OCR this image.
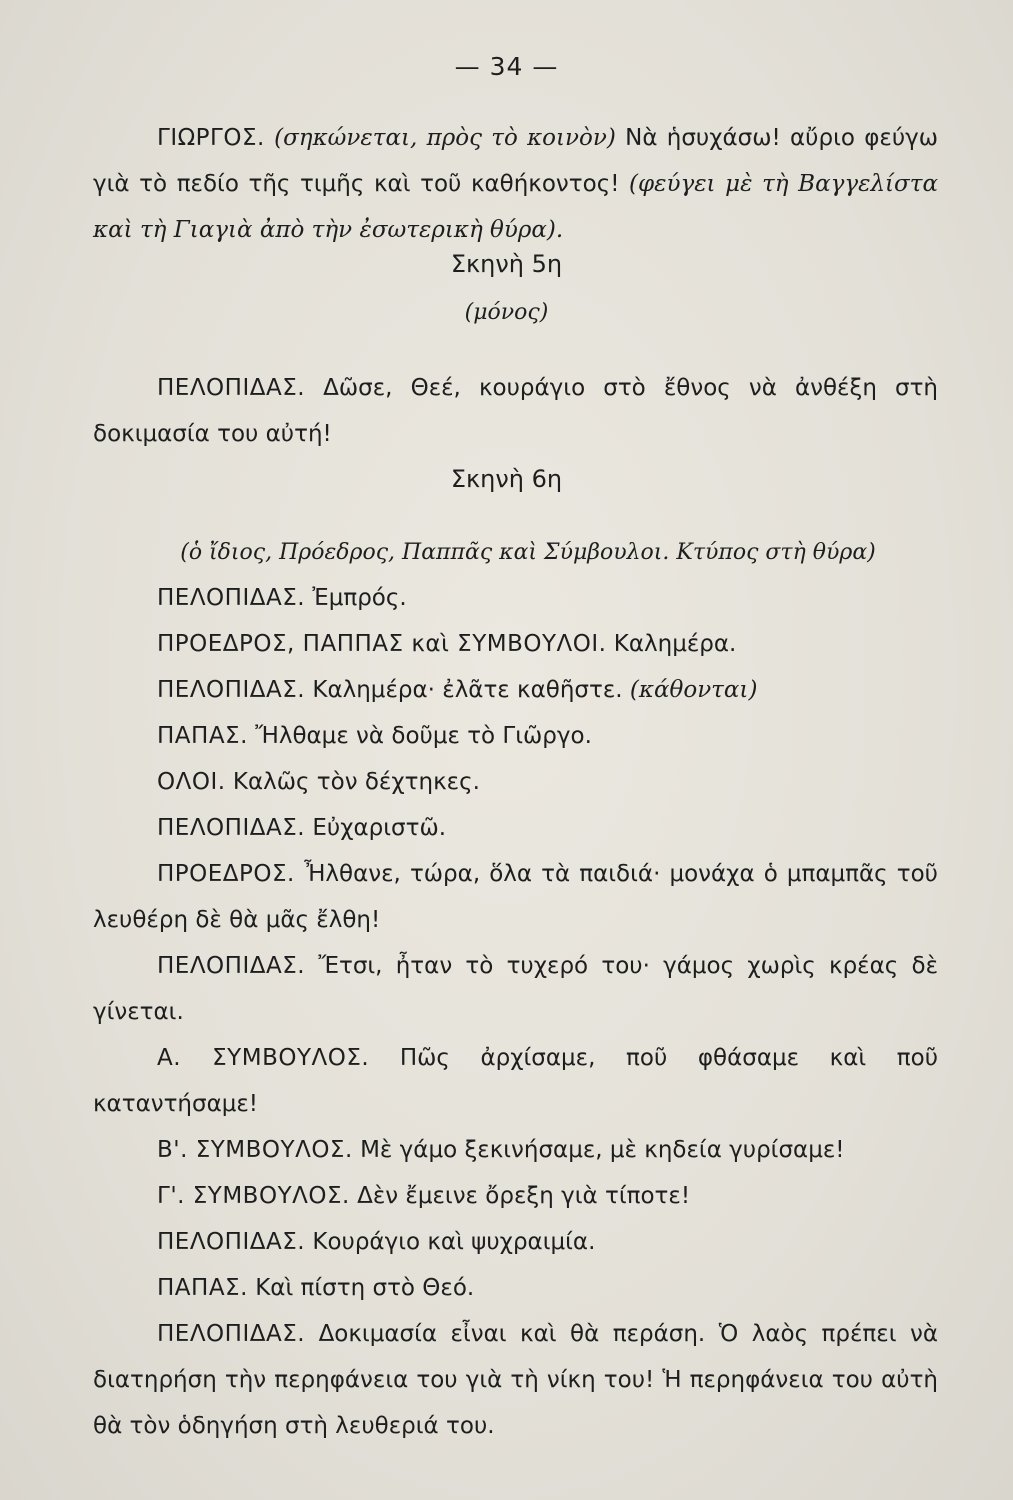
— 34 —

ΓΙΩΡΓΟΣ. (σηκώνεται, πρὸς τὸ κοινὸν) Νὰ ἡσυχάσω! αὔριο φεύγω γιὰ τὸ πεδίο τῆς τιμῆς καὶ τοῦ καθήκοντος! (φεύγει μὲ τὴ Βαγγελίστα καὶ τὴ Γιαγιὰ ἀπὸ τὴν ἐσωτερικὴ θύρα).

Σκηνὴ 5η
(μόνος)

ΠΕΛΟΠΙΔΑΣ. Δῶσε, Θεέ, κουράγιο στὸ ἔθνος νὰ ἀνθέξη στὴ δοκιμασία του αὐτή!

Σκηνὴ 6η
(ὁ ἴδιος, Πρόεδρος, Παππᾶς καὶ Σύμβουλοι. Κτύπος στὴ θύρα)

ΠΕΛΟΠΙΔΑΣ. Ἐμπρός.

ΠΡΟΕΔΡΟΣ, ΠΑΠΠΑΣ καὶ ΣΥΜΒΟΥΛΟΙ. Καλημέρα.

ΠΕΛΟΠΙΔΑΣ. Καλημέρα· ἐλᾶτε καθῆστε. (κάθονται)

ΠΑΠΑΣ. Ἤλθαμε νὰ δοῦμε τὸ Γιῶργο.

ΟΛΟΙ. Καλῶς τὸν δέχτηκες.

ΠΕΛΟΠΙΔΑΣ. Εὐχαριστῶ.

ΠΡΟΕΔΡΟΣ. Ἦλθανε, τώρα, ὅλα τὰ παιδιά· μονάχα ὁ μπαμπᾶς τοῦ λευθέρη δὲ θὰ μᾶς ἔλθη!

ΠΕΛΟΠΙΔΑΣ. Ἔτσι, ἦταν τὸ τυχερό του· γάμος χωρὶς κρέας δὲ γίνεται.

Α. ΣΥΜΒΟΥΛΟΣ. Πῶς ἀρχίσαμε, ποῦ φθάσαμε καὶ ποῦ καταντήσαμε!

Β'. ΣΥΜΒΟΥΛΟΣ. Μὲ γάμο ξεκινήσαμε, μὲ κηδεία γυρίσαμε!

Γ'. ΣΥΜΒΟΥΛΟΣ. Δὲν ἔμεινε ὄρεξη γιὰ τίποτε!

ΠΕΛΟΠΙΔΑΣ. Κουράγιο καὶ ψυχραιμία.

ΠΑΠΑΣ. Καὶ πίστη στὸ Θεό.

ΠΕΛΟΠΙΔΑΣ. Δοκιμασία εἶναι καὶ θὰ περάση. Ὁ λαὸς πρέπει νὰ διατηρήση τὴν περηφάνεια του γιὰ τὴ νίκη του! Ἡ περηφάνεια του αὐτὴ θὰ τὸν ὁδηγήση στὴ λευθεριά του.
